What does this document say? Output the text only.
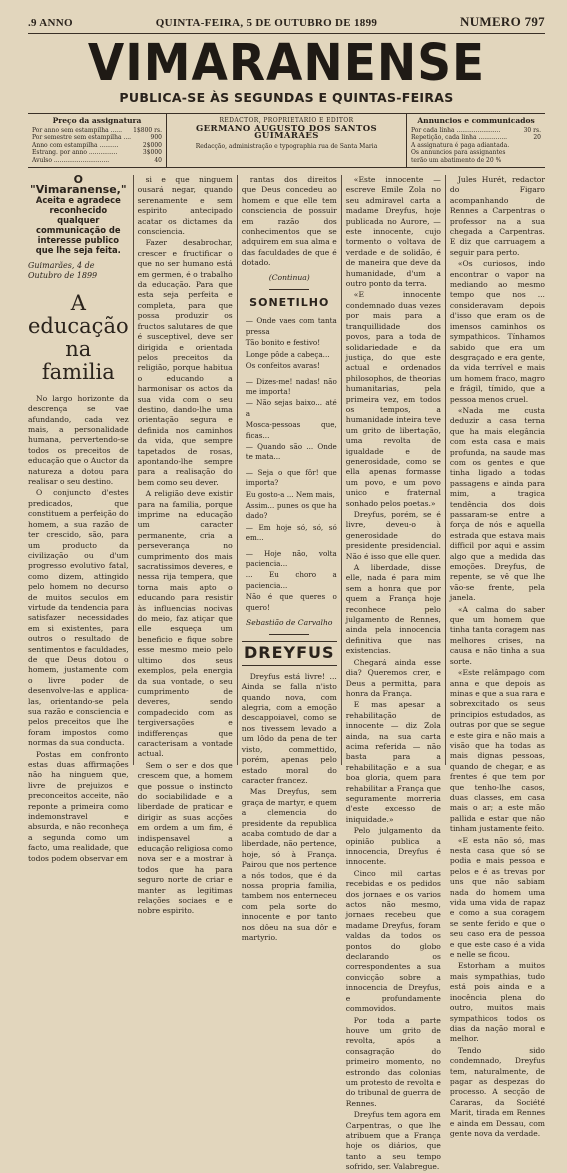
.9 ANNO	QUINTA-FEIRA, 5 DE OUTUBRO DE 1899	NUMERO 797
VIMARANENSE
PUBLICA-SE ÀS SEGUNDAS E QUINTAS-FEIRAS
Preço da assignatura
Por anno sem estampilha ...... 1$800 rs.
Por semestre sem estampilha ....	900
Anno com estampilha ..........	2$000
Estrang. por anno ...............	3$000
Avulso .............................	40
REDACTOR, PROPRIETARIO E EDITOR
GERMANO AUGUSTO DOS SANTOS GUIMARÃES
Redacção, administração e typographia rua de Santa Maria
Annuncios e communicados
Por cada linha .......................	30 rs.
Repetição, cada linha ...............	20
A assignatura é paga adiantada.
Os annuncios para assignantes
terão um abatimento de 20 %
O "Vimaranense,"
Aceita e agradece reconhecido qualquer communicação de interesse publico que lhe seja feita.
Guimarães, 4 de Outubro de 1899
A educação na familia

No largo horizonte da descrença se vae afundando, cada vez mais, a personalidade humana, pervertendo-se todos os preceitos de educação que o Auctor da natureza a dotou para realisar o seu destino.

O conjuncto d'estes predicados, que constituem a perfeição do homem, a sua razão de ter crescido, são, para um producto da civilização ou d'um progresso evolutivo fatal, como dizem, attingido pelo homem no decurso de muitos seculos em virtude da tendencia para satisfazer necessidades em si existentes, para outros o resultado de sentimentos e faculdades, de que Deus dotou o homem, justamente com o livre poder de desenvolve-las e applica-las, orientando-se pela sua razão e consciencia e pelos preceitos que lhe foram impostos como normas da sua conducta.

Postas em confronto estas duas affirmações não ha ninguem que, livre de prejuizos e preconceitos acceite, não reponte a primeira como indemonstravel e absurda, e não reconheça a segunda como um facto, uma realidade, que todos podem observar em

si e que ninguem ousará negar, quando serenamente e sem espirito antecipado acatar os dictames da consciencia.

Fazer desabrochar, crescer e fructificar o que no ser humano está em germen, é o trabalho da educação. Para que esta seja perfeita e completa, para que possa produzir os fructos salutares de que é susceptivel, deve ser dirigida e orientada pelos preceitos da religião, porque habitua o educando a harmonisar os actos da sua vida com o seu destino, dando-lhe uma orientação segura e definida nos caminhos da vida, que sempre tapetados de rosas, apontando-lhe sempre para a realisação do bem como seu dever.

A religião deve existir para na familia, porque imprime na educação um caracter permanente, cria a perseverança no cumprimento dos mais sacratissimos deveres, e nessa rija tempera, que torna mais apto o educando para resistir às influencias nocivas do meio, faz atiçar que elle esqueça um beneficio e fique sobre esse mesmo meio pelo ultimo dos seus exemplos, pela energia da sua vontade, o seu cumprimento de deveres, sendo compadecido com as tergiversações e indifferenças que caracterisam a vontade actual.

Sem o ser e dos que crescem que, a homem que possue o instincto do sociabilidade e a liberdade de praticar e dirigir as suas acções em ordem a um fim, é indispensavel a educação religiosa como nova ser e a mostrar à todos que ha para seguro norte de criar e manter as legitimas relações sociaes e e nobre espirito.

rantas dos direitos que Deus concedeu ao homem e que elle tem consciencia de possuir em razão dos conhecimentos que se adquirem em sua alma e das faculdades de que é dotado.

(Continua)
SONETILHO

— Onde vaes com tanta pressa

Tão bonito e festivo!

Longe pôde a cabeça...

Os confeitos avaras!

— Dizes-me! nadas! não me importa!

— Não sejas baixo... até a

Mosca-pessoas que, ficas...

— Quando são ... Onde te mata...

— Seja o que fôr! que importa?

Eu gosto-a ... Nem mais,

Assim... punes os que ha dado?

— Em hoje só, só, só em...

— Hoje não, volta paciencia...

... Eu choro a paciencia...

Não é que queres o quero!

Sebastião de Carvalho
DREYFUS

Dreyfus está livre! ... Ainda se falla n'isto quando nova, com alegria, com a emoção descappoiavel, como se nos tivessem levado a um lôdo da pena de ter visto, commettido, porém, apenas pelo estado moral do caracter francez.

Mas Dreyfus, sem graça de martyr, e quem a clemencia do presidente da republica acaba comtudo de dar a liberdade, não pertence, hoje, só à França. Pairou que nos pertence a nós todos, que é da nossa propria familia, tambem nos enterneceu com pela sorte do innocente e por tanto nos dôeu na sua dôr e martyrio.

«Este innocente — escreve Emile Zola no seu admiravel carta a madame Dreyfus, hoje publicada no Aurore, — este innocente, cujo tormento o voltava de verdade e de solidão, é de maneira que deve da humanidade, d'um a outro ponto da terra.

«E innocente condemnado duas vezes por mais para a tranquillidade dos povos, para a toda de solidariedade e da justiça, do que este actual e ordenados philosophos, de theorias humanitarias, pela primeira vez, em todos os tempos, a humanidade inteira teve um grito de libertação, uma revolta de igualdade e de generosidade, como se ella apenas formasse um povo, e um povo unico e fraternal sonhado pelos poetas.»

Dreyfus, porém, se é livre, deveu-o à generosidade do presidente presidencial. Não é isso que elle quer.

A liberdade, disse elle, nada é para mim sem a honra que por quem a França hoje reconhece pelo julgamento de Rennes, ainda pela innocencia definitiva que nas existencias.

Chegará ainda esse dia? Queremos crer, e Deus a permitta, para honra da França.

E mas apesar a rehabilitação de innocente — diz Zola ainda, na sua carta acima referida — não basta para a rehabilitação e a sua boa gloria, quem para rehabilitar a França que seguramente morreria d'este excesso de iniquidade.»

Pelo julgamento da opinião publica a innocencia, Dreyfus é innocente.

Cinco mil cartas recebidas e os pedidos dos jornaes e os varios actos não mesmo, jornaes recebeu que madame Dreyfus, foram valdas da todos os pontos do globo declarando os correspondentes a sua convicção sobre a innocencia de Dreyfus, e profundamente commovidos.

Por toda a parte houve um grito de revolta, após a consagração do primeiro momento, no estrondo das colonias um protesto de revolta e do tribunal de guerra de Rennes.

Dreyfus tem agora em Carpentras, o que lhe atribuem que a França hoje os diários, que tanto a seu tempo sofrido, ser. Valabregue.

Jules Hurét, redactor do Figaro acompanhando de Rennes a Carpentras o professor na a sua chegada a Carpentras. E diz que carruagem a seguir para perto.

«Os curiosos, indo encontrar o vapor na mediando ao mesmo tempo que nos ... consideravam depois d'isso que eram os de imensos caminhos os sympathicos. Tínhamos sabido que era um desgraçado e era gente, da vida terrível e mais um homem fraco, magro e frágil, tímido, que a pessoa menos cruel.

«Nada me custa deduzir a casa terna que ha mais elegância com esta casa e mais profunda, na saude mas com os gentes e que tinha ligado a todas passagens e ainda para mim, a tragica tendência dos dois passaram-se entre a força de nós e aquella estrada que estava mais difficil por aqui e assim algo que a medida das emoções. Dreyfus, de repente, se vê que lhe vão-se frente, pela janela.

«A calma do saber que um homem que tinha tanta coragem nas melhores crises, na causa e não tinha a sua sorte.

«Este relâmpago com anna e que depois as minas e que a sua rara e sobrexcitado os seus principios estudados, as outras por que se segue e este gira e não mais a visão que ha todas as mais dignas pessoas, quando de chegar, e as frentes é que tem por que tenho-lhe casos, duas classes, em casa mais o ar; a este mão pallida e estar que não tinham justamente feito.

«E esta não só, mas nesta casa que só se podia e mais pessoa e pelos e é as trevas por uns que não sabiam nada do homem uma vida uma vida de rapaz e como a sua coragem se sente ferido e que o seu caso era de pessoa e que este caso é a vida e nelle se ficou.

Estorham a muitos mais sympathias, tudo está pois ainda e a inocência plena do outro, muitos mais sympathicos todos os dias da nação moral e melhor.

Tendo sido condemnado, Dreyfus tem, naturalmente, de pagar as despezas do processo. A secção de Cararas, da Société Marit, tirada em Rennes e ainda em Dessau, com gente nova da verdade.
